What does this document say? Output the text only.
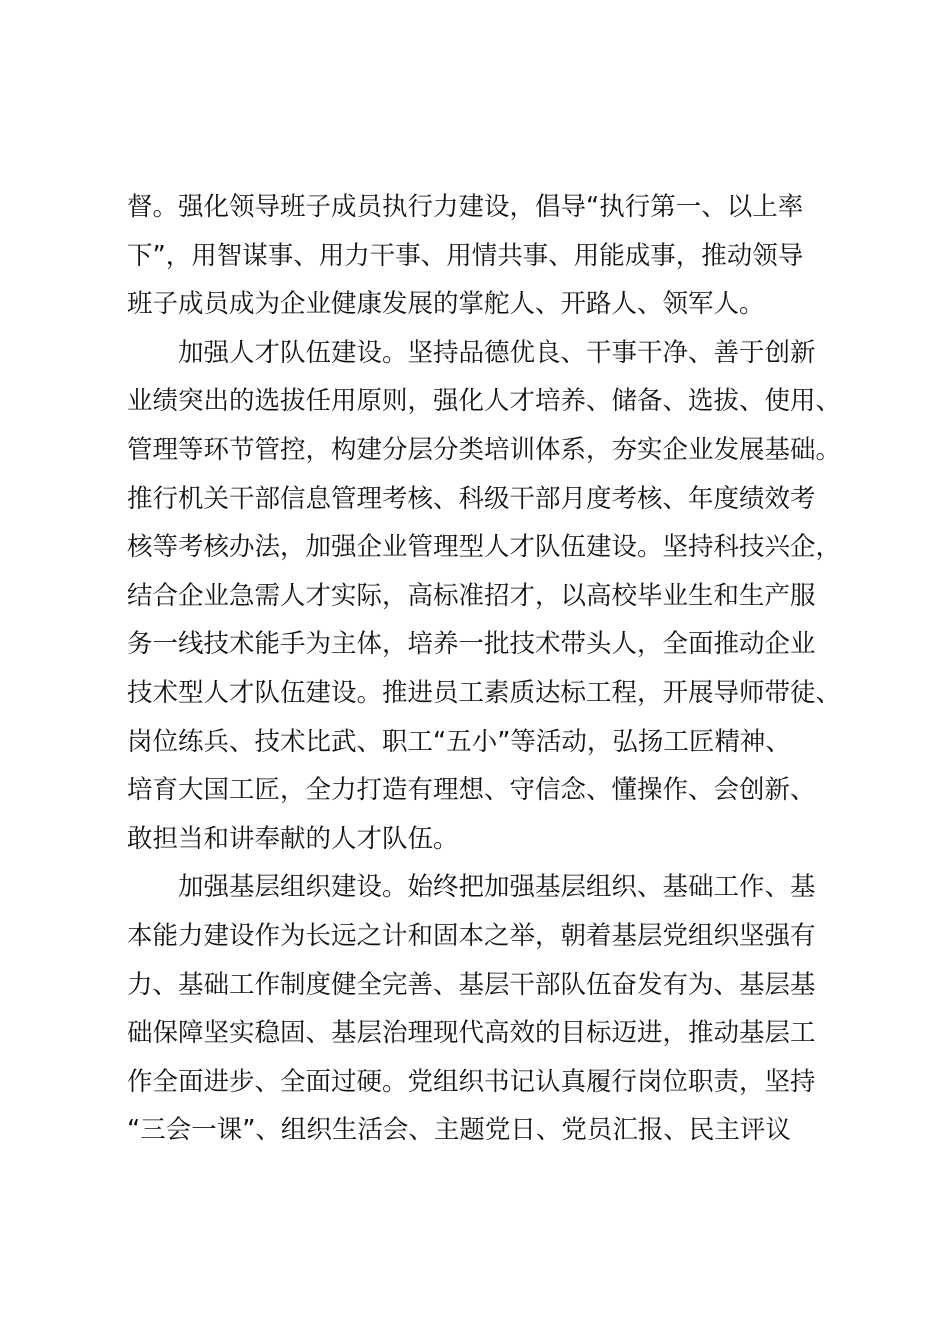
督。强化领导班子成员执行力建设，倡导“执行第一、以上率
下”，用智谋事、用力干事、用情共事、用能成事，推动领导
班子成员成为企业健康发展的掌舵人、开路人、领军人。
加强人才队伍建设。坚持品德优良、干事干净、善于创新
业绩突出的选拔任用原则，强化人才培养、储备、选拔、使用、
管理等环节管控，构建分层分类培训体系，夯实企业发展基础。
推行机关干部信息管理考核、科级干部月度考核、年度绩效考
核等考核办法，加强企业管理型人才队伍建设。坚持科技兴企，
结合企业急需人才实际，高标准招才，以高校毕业生和生产服
务一线技术能手为主体，培养一批技术带头人，全面推动企业
技术型人才队伍建设。推进员工素质达标工程，开展导师带徒、
岗位练兵、技术比武、职工“五小”等活动，弘扬工匠精神、
培育大国工匠，全力打造有理想、守信念、懂操作、会创新、
敢担当和讲奉献的人才队伍。
加强基层组织建设。始终把加强基层组织、基础工作、基
本能力建设作为长远之计和固本之举，朝着基层党组织坚强有
力、基础工作制度健全完善、基层干部队伍奋发有为、基层基
础保障坚实稳固、基层治理现代高效的目标迈进，推动基层工
作全面进步、全面过硬。党组织书记认真履行岗位职责，坚持
“三会一课”、组织生活会、主题党日、党员汇报、民主评议
